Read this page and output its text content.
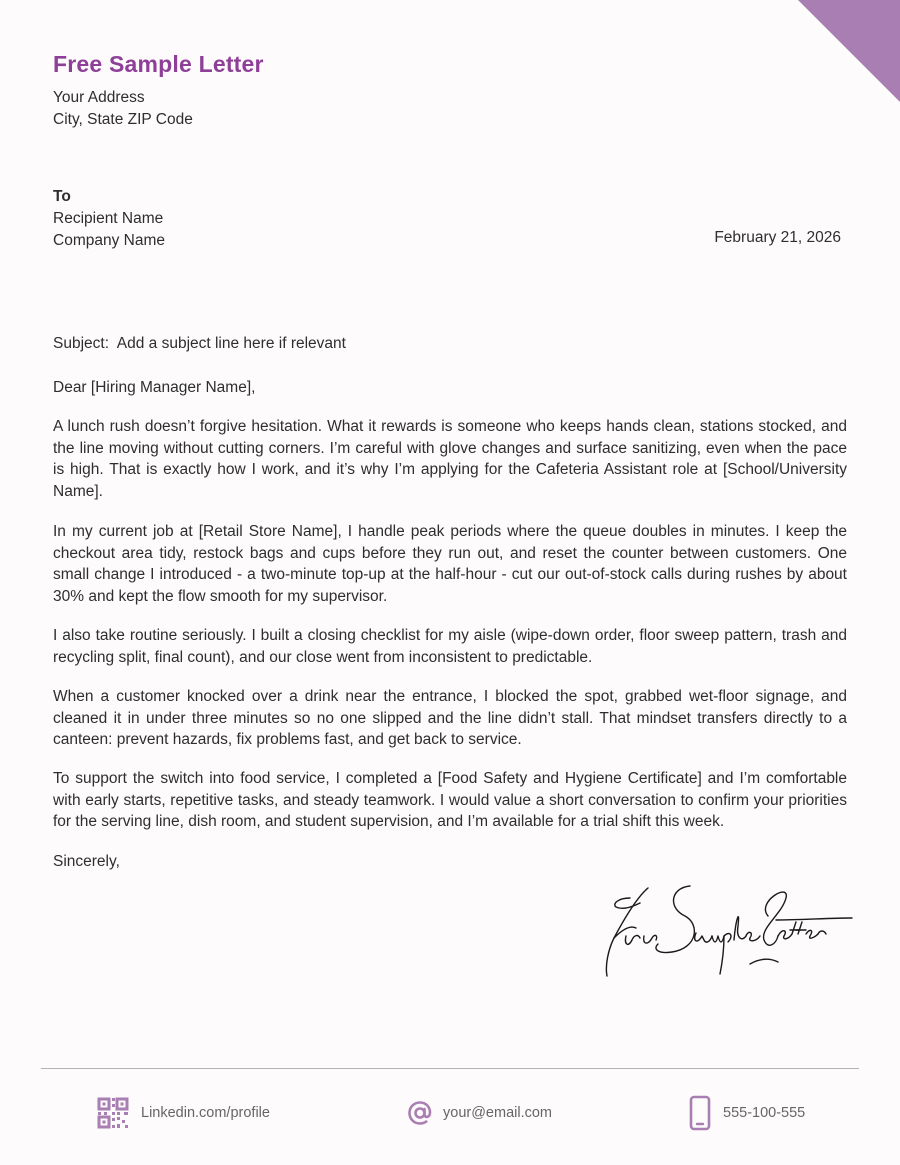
Free Sample Letter
Your Address
City, State ZIP Code
To
Recipient Name
Company Name	February 21, 2026
Subject:  Add a subject line here if relevant
Dear [Hiring Manager Name],
A lunch rush doesn’t forgive hesitation. What it rewards is someone who keeps hands clean, stations stocked, and the line moving without cutting corners. I’m careful with glove changes and surface sanitizing, even when the pace is high. That is exactly how I work, and it’s why I’m applying for the Cafeteria Assistant role at [School/University Name].
In my current job at [Retail Store Name], I handle peak periods where the queue doubles in minutes. I keep the checkout area tidy, restock bags and cups before they run out, and reset the counter between customers. One small change I introduced - a two-minute top-up at the half-hour - cut our out-of-stock calls during rushes by about 30% and kept the flow smooth for my supervisor.
I also take routine seriously. I built a closing checklist for my aisle (wipe-down order, floor sweep pattern, trash and recycling split, final count), and our close went from inconsistent to predictable.
When a customer knocked over a drink near the entrance, I blocked the spot, grabbed wet-floor signage, and cleaned it in under three minutes so no one slipped and the line didn’t stall. That mindset transfers directly to a canteen: prevent hazards, fix problems fast, and get back to service.
To support the switch into food service, I completed a [Food Safety and Hygiene Certificate] and I’m comfortable with early starts, repetitive tasks, and steady teamwork. I would value a short conversation to confirm your priorities for the serving line, dish room, and student supervision, and I’m available for a trial shift this week.
Sincerely,
Linkedin.com/profile	your@email.com	555-100-555
